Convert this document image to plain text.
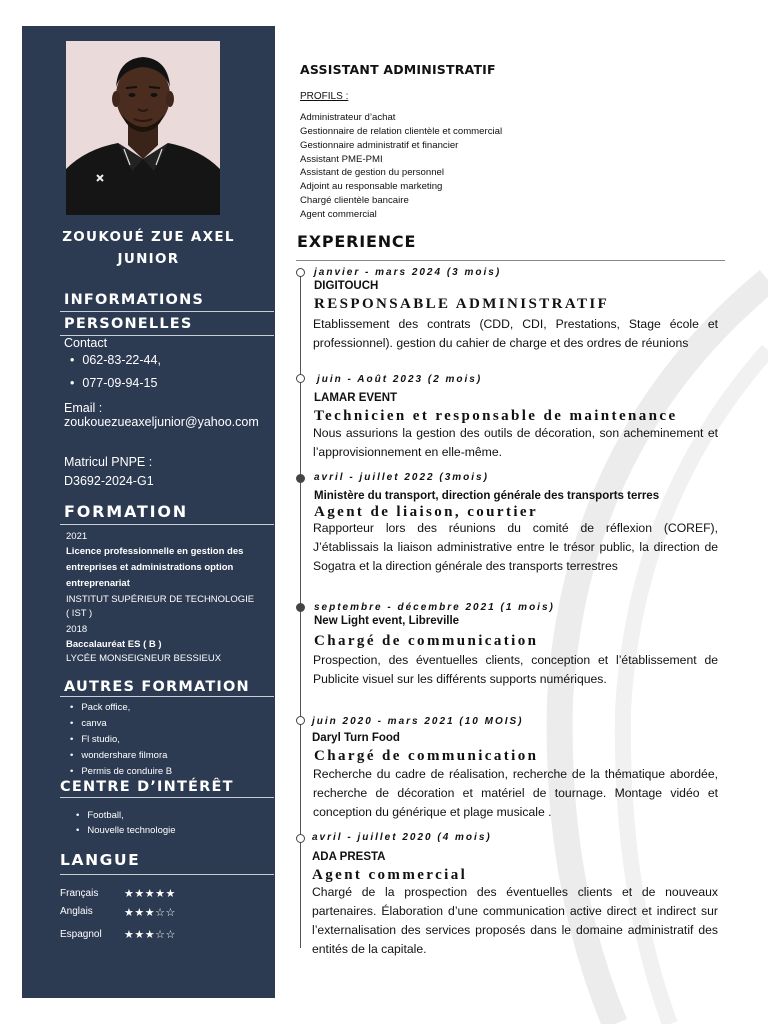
ZOUKOUÉ ZUE AXEL
JUNIOR
INFORMATIONS
PERSONELLES
Contact
• 062-83-22-44,
• 077-09-94-15
Email :
zoukouezueaxeljunior@yahoo.com
Matricul PNPE :
D3692-2024-G1
FORMATION
2021
Licence professionnelle en gestion des
entreprises et administrations option
entreprenariat
INSTITUT SUPÉRIEUR DE TECHNOLOGIE
( IST )
2018
Baccalauréat ES ( B )
LYCÉE MONSEIGNEUR BESSIEUX
AUTRES FORMATION
• Pack office,
• canva
• Fl studio,
• wondershare filmora
• Permis de conduire B
CENTRE D’INTÉRÊT
• Football,
• Nouvelle technologie
LANGUE
Français ★★★★★
Anglais	★★★☆☆
Espagnol ★★★☆☆
ASSISTANT ADMINISTRATIF
PROFILS :
Administrateur d’achat
Gestionnaire de relation clientèle et commercial
Gestionnaire administratif et financier
Assistant PME-PMI
Assistant de gestion du personnel
Adjoint au responsable marketing
Chargé clientèle bancaire
Agent commercial
EXPERIENCE
janvier - mars 2024 (3 mois)
DIGITOUCH
RESPONSABLE ADMINISTRATIF
Etablissement des contrats (CDD, CDI, Prestations, Stage école et professionnel). gestion du cahier de charge et des ordres de réunions
juin - Août 2023 (2 mois)
LAMAR EVENT
Technicien et responsable de maintenance
Nous assurions la gestion des outils de décoration, son acheminement et l’approvisionnement en elle-même.
avril - juillet 2022 (3mois)
Ministère du transport, direction générale des transports terres
Agent de liaison, courtier
Rapporteur lors des réunions du comité de réflexion (COREF), J’établissais la liaison administrative entre le trésor public, la direction de Sogatra et la direction générale des transports terrestres
septembre - décembre 2021 (1 mois)
New Light event, Libreville
Chargé de communication
Prospection, des éventuelles clients, conception et l’établissement de Publicite visuel sur les différents supports numériques.
juin 2020 - mars 2021 (10 MOIS)
Daryl Turn Food
Chargé de communication
Recherche du cadre de réalisation, recherche de la thématique abordée, recherche de décoration et matériel de tournage. Montage vidéo et conception du générique et plage musicale .
avril - juillet 2020 (4 mois)
ADA PRESTA
Agent commercial
Chargé de la prospection des éventuelles clients et de nouveaux partenaires. Élaboration d’une communication active direct et indirect sur l’externalisation des services proposés dans le domaine administratif des entités de la capitale.
